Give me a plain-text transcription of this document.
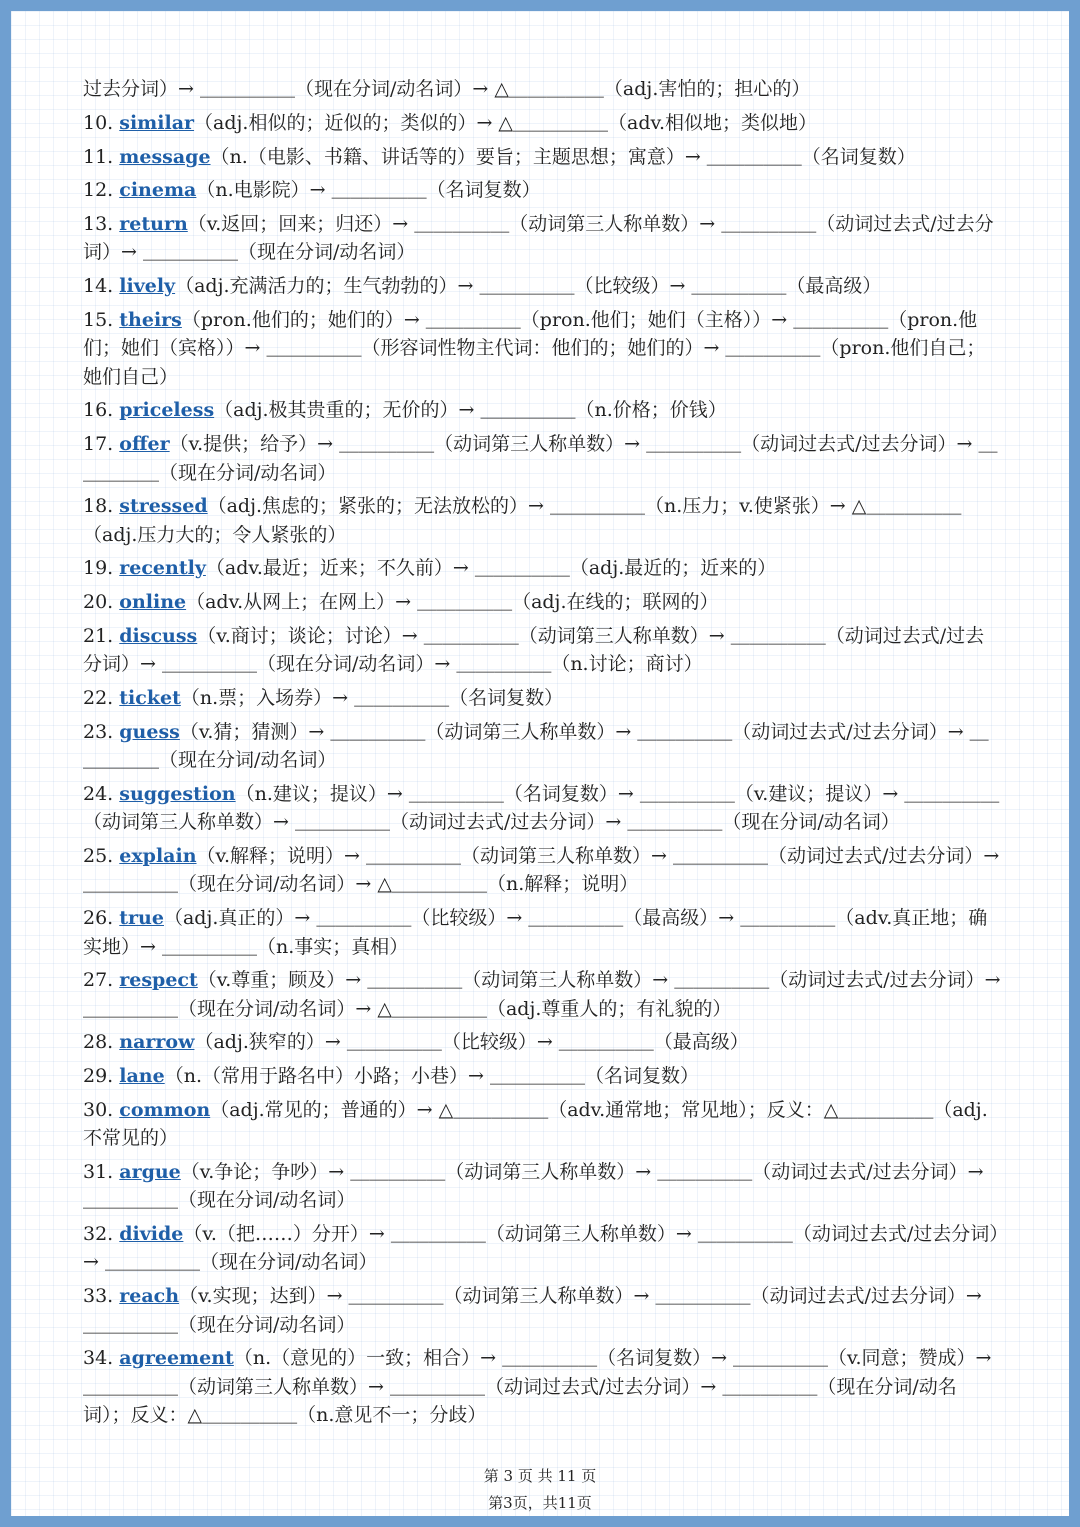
过去分词）→ ＿＿＿＿＿（现在分词/动名词）→ △＿＿＿＿＿（adj.害怕的；担心的）
10. similar（adj.相似的；近似的；类似的）→ △＿＿＿＿＿（adv.相似地；类似地）
11. message（n.（电影、书籍、讲话等的）要旨；主题思想；寓意）→ ＿＿＿＿＿（名词复数）
12. cinema（n.电影院）→ ＿＿＿＿＿（名词复数）
13. return（v.返回；回来；归还）→ ＿＿＿＿＿（动词第三人称单数）→ ＿＿＿＿＿（动词过去式/过去分词）→ ＿＿＿＿＿（现在分词/动名词）
14. lively（adj.充满活力的；生气勃勃的）→ ＿＿＿＿＿（比较级）→ ＿＿＿＿＿（最高级）
15. theirs（pron.他们的；她们的）→ ＿＿＿＿＿（pron.他们；她们（主格））→ ＿＿＿＿＿（pron.他们；她们（宾格））→ ＿＿＿＿＿（形容词性物主代词：他们的；她们的）→ ＿＿＿＿＿（pron.他们自己；她们自己）
16. priceless（adj.极其贵重的；无价的）→ ＿＿＿＿＿（n.价格；价钱）
17. offer（v.提供；给予）→ ＿＿＿＿＿（动词第三人称单数）→ ＿＿＿＿＿（动词过去式/过去分词）→ ＿＿＿＿＿（现在分词/动名词）
18. stressed（adj.焦虑的；紧张的；无法放松的）→ ＿＿＿＿＿（n.压力；v.使紧张）→ △＿＿＿＿＿（adj.压力大的；令人紧张的）
19. recently（adv.最近；近来；不久前）→ ＿＿＿＿＿（adj.最近的；近来的）
20. online（adv.从网上；在网上）→ ＿＿＿＿＿（adj.在线的；联网的）
21. discuss（v.商讨；谈论；讨论）→ ＿＿＿＿＿（动词第三人称单数）→ ＿＿＿＿＿（动词过去式/过去分词）→ ＿＿＿＿＿（现在分词/动名词）→ ＿＿＿＿＿（n.讨论；商讨）
22. ticket（n.票；入场券）→ ＿＿＿＿＿（名词复数）
23. guess（v.猜；猜测）→ ＿＿＿＿＿（动词第三人称单数）→ ＿＿＿＿＿（动词过去式/过去分词）→ ＿＿＿＿＿（现在分词/动名词）
24. suggestion（n.建议；提议）→ ＿＿＿＿＿（名词复数）→ ＿＿＿＿＿（v.建议；提议）→ ＿＿＿＿＿（动词第三人称单数）→ ＿＿＿＿＿（动词过去式/过去分词）→ ＿＿＿＿＿（现在分词/动名词）
25. explain（v.解释；说明）→ ＿＿＿＿＿（动词第三人称单数）→ ＿＿＿＿＿（动词过去式/过去分词）→ ＿＿＿＿＿（现在分词/动名词）→ △＿＿＿＿＿（n.解释；说明）
26. true（adj.真正的）→ ＿＿＿＿＿（比较级）→ ＿＿＿＿＿（最高级）→ ＿＿＿＿＿（adv.真正地；确实地）→ ＿＿＿＿＿（n.事实；真相）
27. respect（v.尊重；顾及）→ ＿＿＿＿＿（动词第三人称单数）→ ＿＿＿＿＿（动词过去式/过去分词）→ ＿＿＿＿＿（现在分词/动名词）→ △＿＿＿＿＿（adj.尊重人的；有礼貌的）
28. narrow（adj.狭窄的）→ ＿＿＿＿＿（比较级）→ ＿＿＿＿＿（最高级）
29. lane（n.（常用于路名中）小路；小巷）→ ＿＿＿＿＿（名词复数）
30. common（adj.常见的；普通的）→ △＿＿＿＿＿（adv.通常地；常见地）；反义：△＿＿＿＿＿（adj.不常见的）
31. argue（v.争论；争吵）→ ＿＿＿＿＿（动词第三人称单数）→ ＿＿＿＿＿（动词过去式/过去分词）→ ＿＿＿＿＿（现在分词/动名词）
32. divide（v.（把……）分开）→ ＿＿＿＿＿（动词第三人称单数）→ ＿＿＿＿＿（动词过去式/过去分词）→ ＿＿＿＿＿（现在分词/动名词）
33. reach（v.实现；达到）→ ＿＿＿＿＿（动词第三人称单数）→ ＿＿＿＿＿（动词过去式/过去分词）→ ＿＿＿＿＿（现在分词/动名词）
34. agreement（n.（意见的）一致；相合）→ ＿＿＿＿＿（名词复数）→ ＿＿＿＿＿（v.同意；赞成）→ ＿＿＿＿＿（动词第三人称单数）→ ＿＿＿＿＿（动词过去式/过去分词）→ ＿＿＿＿＿（现在分词/动名词）；反义：△＿＿＿＿＿（n.意见不一；分歧）
第 3 页 共 11 页
第3页，共11页
